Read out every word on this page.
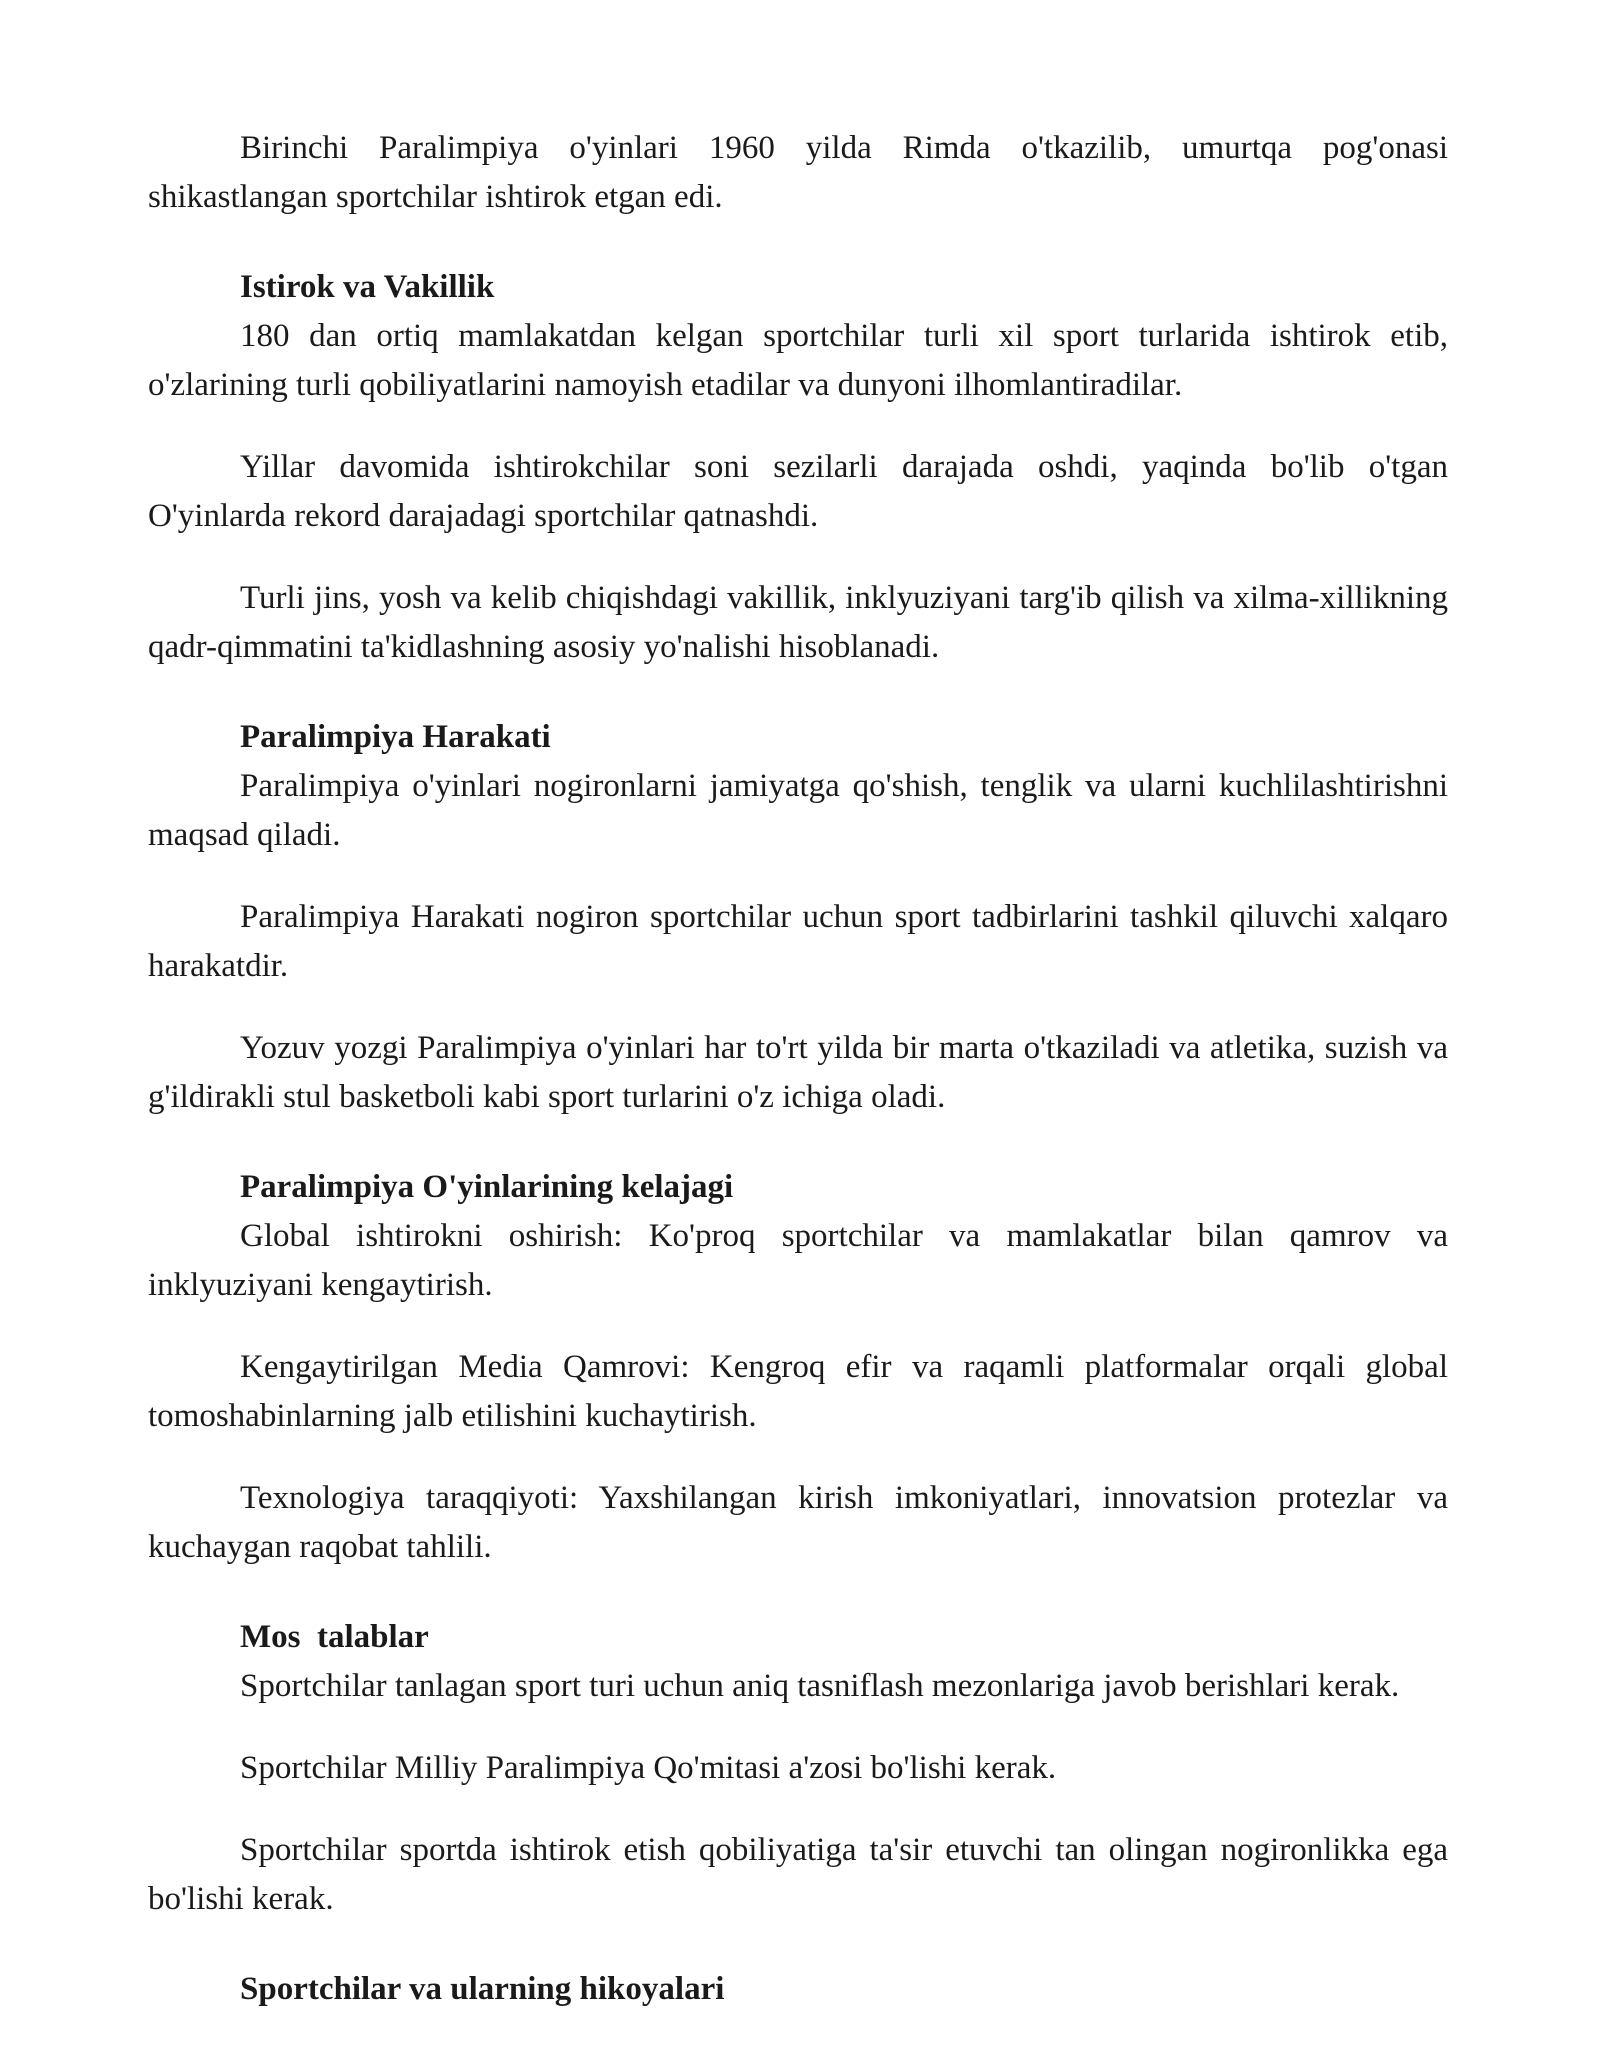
Birinchi Paralimpiya o'yinlari 1960 yilda Rimda o'tkazilib, umurtqa pog'onasi shikastlangan sportchilar ishtirok etgan edi.

Istirok va Vakillik

180 dan ortiq mamlakatdan kelgan sportchilar turli xil sport turlarida ishtirok etib, o'zlarining turli qobiliyatlarini namoyish etadilar va dunyoni ilhomlantiradilar.

Yillar davomida ishtirokchilar soni sezilarli darajada oshdi, yaqinda bo'lib o'tgan O'yinlarda rekord darajadagi sportchilar qatnashdi.

Turli jins, yosh va kelib chiqishdagi vakillik, inklyuziyani targ'ib qilish va xilma-xillikning qadr-qimmatini ta'kidlashning asosiy yo'nalishi hisoblanadi.

Paralimpiya Harakati

Paralimpiya o'yinlari nogironlarni jamiyatga qo'shish, tenglik va ularni kuchlilashtirishni maqsad qiladi.

Paralimpiya Harakati nogiron sportchilar uchun sport tadbirlarini tashkil qiluvchi xalqaro harakatdir.

Yozuv yozgi Paralimpiya o'yinlari har to'rt yilda bir marta o'tkaziladi va atletika, suzish va g'ildirakli stul basketboli kabi sport turlarini o'z ichiga oladi.

Paralimpiya O'yinlarining kelajagi

Global ishtirokni oshirish: Ko'proq sportchilar va mamlakatlar bilan qamrov va inklyuziyani kengaytirish.

Kengaytirilgan Media Qamrovi: Kengroq efir va raqamli platformalar orqali global tomoshabinlarning jalb etilishini kuchaytirish.

Texnologiya taraqqiyoti: Yaxshilangan kirish imkoniyatlari, innovatsion protezlar va kuchaygan raqobat tahlili.

Mos  talablar

Sportchilar tanlagan sport turi uchun aniq tasniflash mezonlariga javob berishlari kerak.

Sportchilar Milliy Paralimpiya Qo'mitasi a'zosi bo'lishi kerak.

Sportchilar sportda ishtirok etish qobiliyatiga ta'sir etuvchi tan olingan nogironlikka ega bo'lishi kerak.

Sportchilar va ularning hikoyalari
